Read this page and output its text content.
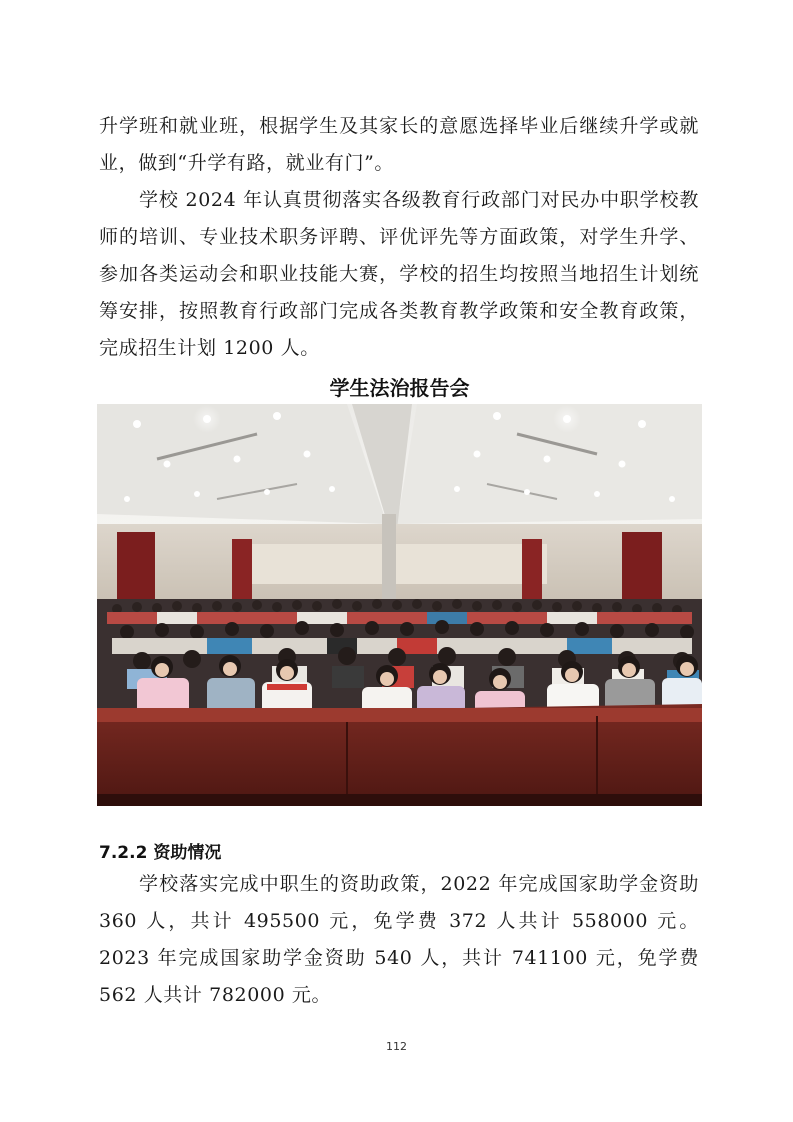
升学班和就业班，根据学生及其家长的意愿选择毕业后继续升学或就业，做到“升学有路，就业有门”。

学校 2024 年认真贯彻落实各级教育行政部门对民办中职学校教师的培训、专业技术职务评聘、评优评先等方面政策，对学生升学、参加各类运动会和职业技能大赛，学校的招生均按照当地招生计划统筹安排，按照教育行政部门完成各类教育教学政策和安全教育政策，完成招生计划 1200 人。

学生法治报告会
7.2.2 资助情况

学校落实完成中职生的资助政策，2022 年完成国家助学金资助 360 人，共计 495500 元，免学费 372 人共计 558000 元。2023 年完成国家助学金资助 540 人，共计 741100 元，免学费 562 人共计 782000 元。

112
